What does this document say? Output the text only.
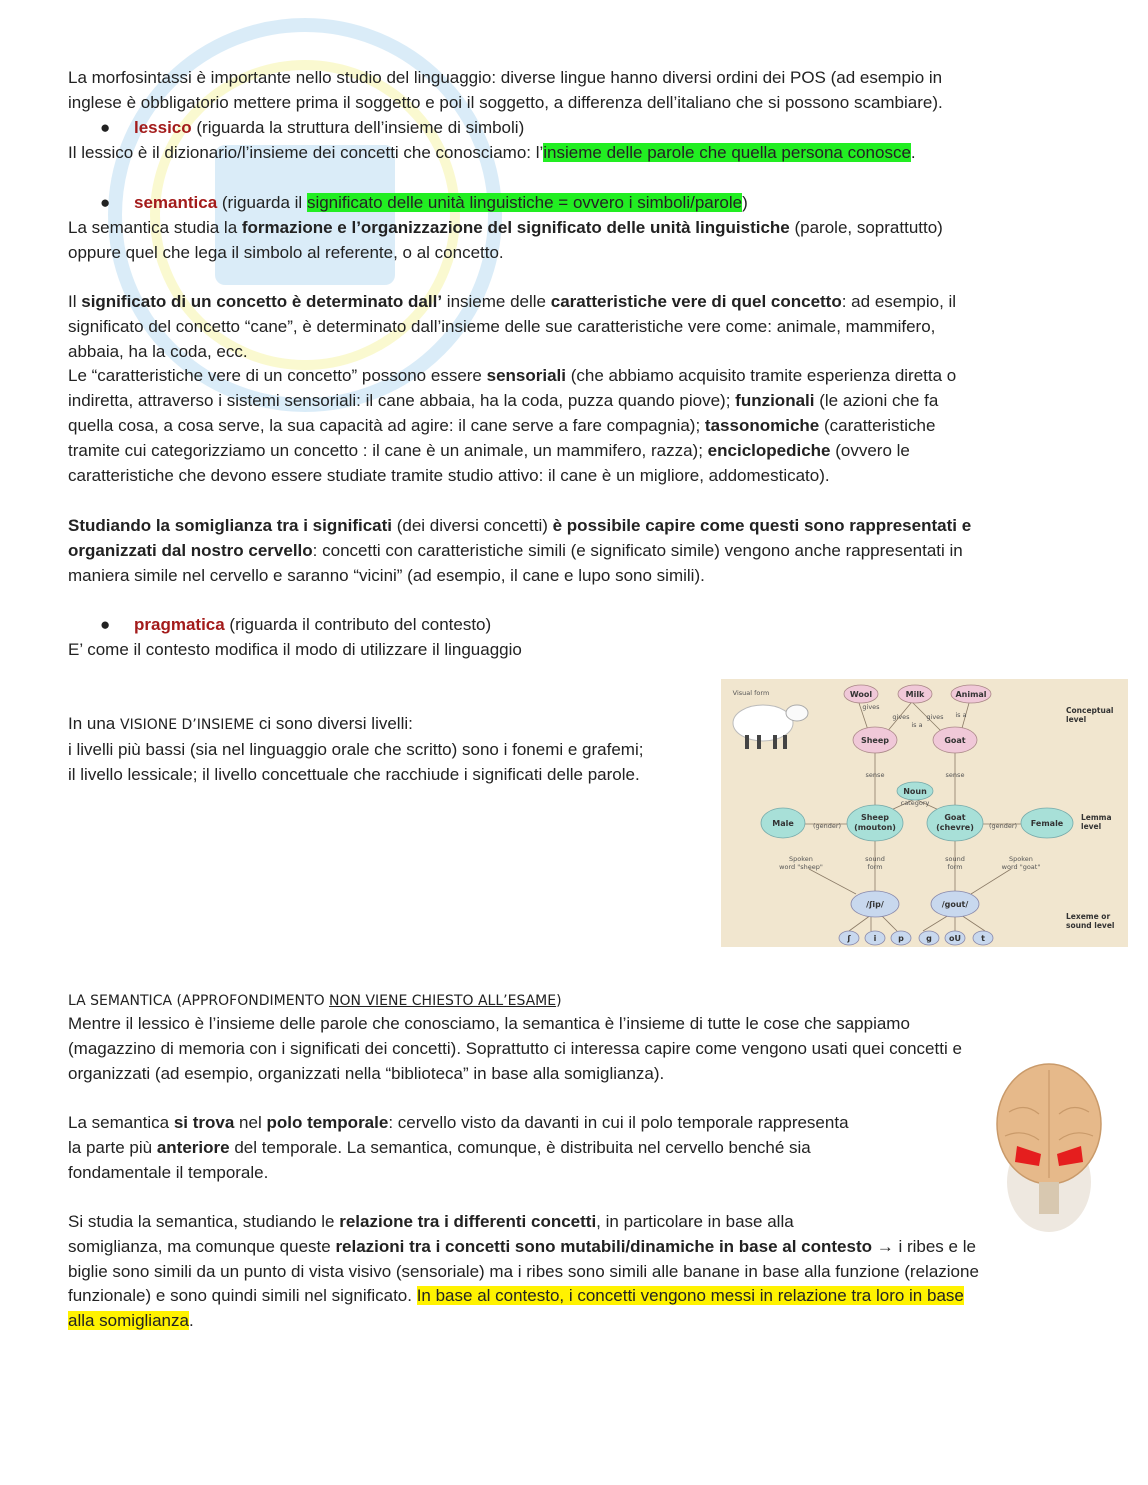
La morfosintassi è importante nello studio del linguaggio: diverse lingue hanno diversi ordini dei POS (ad esempio in
inglese è obbligatorio mettere prima il soggetto e poi il soggetto, a differenza dell’italiano che si possono scambiare).

● lessico (riguarda la struttura dell’insieme di simboli)

Il lessico è il dizionario/l’insieme dei concetti che conosciamo: l’insieme delle parole che quella persona conosce.

● semantica (riguarda il significato delle unità linguistiche = ovvero i simboli/parole)

La semantica studia la formazione e l’organizzazione del significato delle unità linguistiche (parole, soprattutto)
oppure quel che lega il simbolo al referente, o al concetto.

Il significato di un concetto è determinato dall’ insieme delle caratteristiche vere di quel concetto: ad esempio, il
significato del concetto “cane”, è determinato dall’insieme delle sue caratteristiche vere come: animale, mammifero,
abbaia, ha la coda, ecc.
Le “caratteristiche vere di un concetto” possono essere sensoriali (che abbiamo acquisito tramite esperienza diretta o
indiretta, attraverso i sistemi sensoriali: il cane abbaia, ha la coda, puzza quando piove); funzionali (le azioni che fa
quella cosa, a cosa serve, la sua capacità ad agire: il cane serve a fare compagnia); tassonomiche (caratteristiche
tramite cui categorizziamo un concetto : il cane è un animale, un mammifero, razza); enciclopediche (ovvero le
caratteristiche che devono essere studiate tramite studio attivo: il cane è un migliore, addomesticato).

Studiando la somiglianza tra i significati (dei diversi concetti) è possibile capire come questi sono rappresentati e
organizzati dal nostro cervello: concetti con caratteristiche simili (e significato simile) vengono anche rappresentati in
maniera simile nel cervello e saranno “vicini” (ad esempio, il cane e lupo sono simili).

● pragmatica (riguarda il contributo del contesto)

E’ come il contesto modifica il modo di utilizzare il linguaggio

In una VISIONE D’INSIEME ci sono diversi livelli:
i livelli più bassi (sia nel linguaggio orale che scritto) sono i fonemi e grafemi;
il livello lessicale; il livello concettuale che racchiude i significati delle parole.

Wool	Milk	Animal
Sheep	Goat
Noun
Male	Female
Sheep
(mouton)
Goat
(chevre)
/ʃip/	/gout/
ʃ	i	p	g oU	t
Visual form
sense	sense
(gender)	(gender)
category
gives
gives	gives
is a
is a
Spoken
word "sheep"
Spoken
word "goat"
sound
form
sound
form
Conceptual
level
Lemma
level
Lexeme or
sound level

LA SEMANTICA (APPROFONDIMENTO NON VIENE CHIESTO ALL’ESAME)

Mentre il lessico è l’insieme delle parole che conosciamo, la semantica è l’insieme di tutte le cose che sappiamo
(magazzino di memoria con i significati dei concetti). Soprattutto ci interessa capire come vengono usati quei concetti e
organizzati (ad esempio, organizzati nella “biblioteca” in base alla somiglianza).

La semantica si trova nel polo temporale: cervello visto da davanti in cui il polo temporale rappresenta
la parte più anteriore del temporale. La semantica, comunque, è distribuita nel cervello benché sia
fondamentale il temporale.

Si studia la semantica, studiando le relazione tra i differenti concetti, in particolare in base alla
somiglianza, ma comunque queste relazioni tra i concetti sono mutabili/dinamiche in base al contesto → i ribes e le
biglie sono simili da un punto di vista visivo (sensoriale) ma i ribes sono simili alle banane in base alla funzione (relazione
funzionale) e sono quindi simili nel significato. In base al contesto, i concetti vengono messi in relazione tra loro in base
alla somiglianza.
